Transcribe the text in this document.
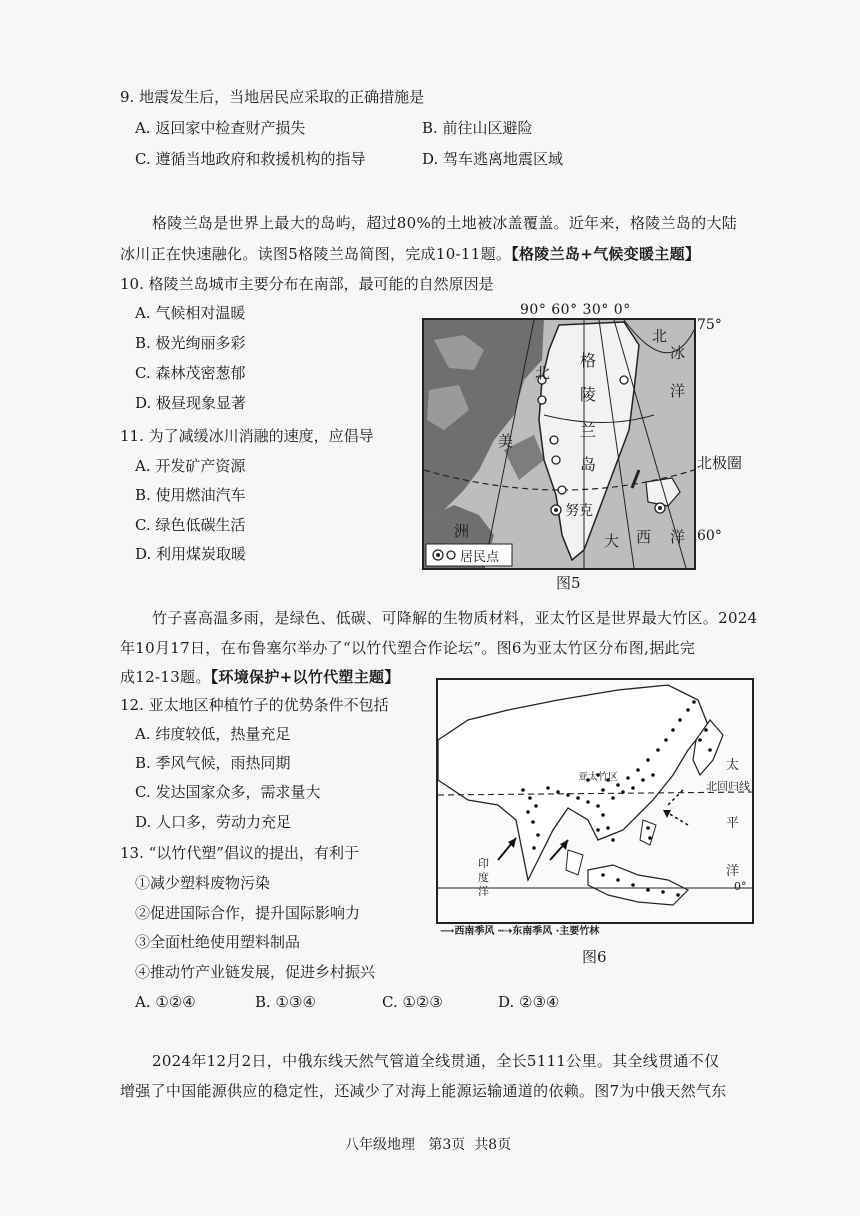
9. 地震发生后，当地居民应采取的正确措施是
A. 返回家中检查财产损失	B. 前往山区避险
C. 遵循当地政府和救援机构的指导	D. 驾车逃离地震区域
格陵兰岛是世界上最大的岛屿，超过80%的土地被冰盖覆盖。近年来，格陵兰岛的大陆
冰川正在快速融化。读图5格陵兰岛简图，完成10-11题。【格陵兰岛+气候变暖主题】
10. 格陵兰岛城市主要分布在南部，最可能的自然原因是
A. 气候相对温暖
B. 极光绚丽多彩
C. 森林茂密葱郁
D. 极昼现象显著
11. 为了减缓冰川消融的速度，应倡导
A. 开发矿产资源
B. 使用燃油汽车
C. 绿色低碳生活
D. 利用煤炭取暖
90° 60° 30° 0°
75°
北极圈
60°
北
北
冰
洋
格
陵
兰
岛
美
洲
大 西 洋
努克
居民点
图5
竹子喜高温多雨，是绿色、低碳、可降解的生物质材料，亚太竹区是世界最大竹区。2024
年10月17日，在布鲁塞尔举办了“以竹代塑合作论坛”。图6为亚太竹区分布图,据此完
成12-13题。【环境保护+以竹代塑主题】
12. 亚太地区种植竹子的优势条件不包括
A. 纬度较低，热量充足
B. 季风气候，雨热同期
C. 发达国家众多，需求量大
D. 人口多，劳动力充足
13. “以竹代塑”倡议的提出，有利于
①减少塑料废物污染
②促进国际合作，提升国际影响力
③全面杜绝使用塑料制品
④推动竹产业链发展，促进乡村振兴
A. ①②④	B. ①③④	C. ①②③	D. ②③④
亚太竹区
北回归线
太
平
洋
印
度
洋	0°
⟶西南季风 ┅➝东南季风 ·主要竹林
图6
2024年12月2日，中俄东线天然气管道全线贯通，全长5111公里。其全线贯通不仅
增强了中国能源供应的稳定性，还减少了对海上能源运输通道的依赖。图7为中俄天然气东
八年级地理 第3页 共8页
